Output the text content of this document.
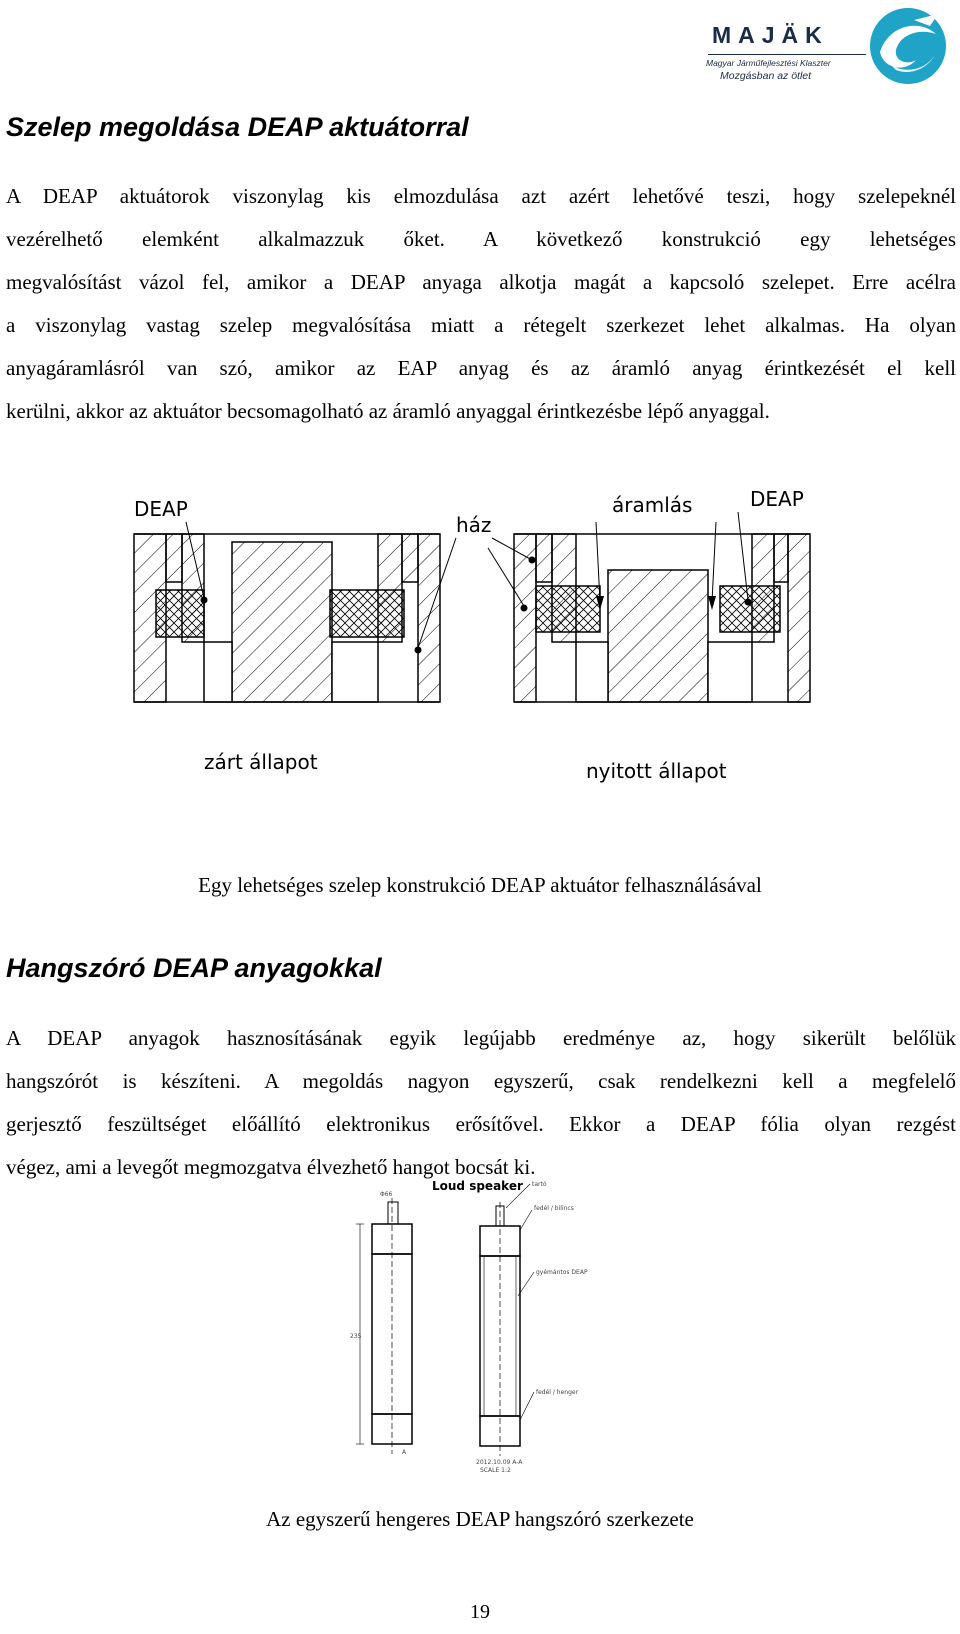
MAJÄK
Magyar Járműfejlesztési Klaszter
Mozgásban az ötlet
Szelep megoldása DEAP aktuátorral
A DEAP aktuátorok viszonylag kis elmozdulása azt azért lehetővé teszi, hogy szelepeknél
vezérelhető elemként alkalmazzuk őket. A következő konstrukció egy lehetséges
megvalósítást vázol fel, amikor a DEAP anyaga alkotja magát a kapcsoló szelepet. Erre acélra
a viszonylag vastag szelep megvalósítása miatt a rétegelt szerkezet lehet alkalmas. Ha olyan
anyagáramlásról van szó, amikor az EAP anyag és az áramló anyag érintkezését el kell
kerülni, akkor az aktuátor becsomagolható az áramló anyaggal érintkezésbe lépő anyaggal.
DEAP
ház
áramlás	DEAP
zárt állapot	nyitott állapot
Egy lehetséges szelep konstrukció DEAP aktuátor felhasználásával
Hangszóró DEAP anyagokkal
A DEAP anyagok hasznosításának egyik legújabb eredménye az, hogy sikerült belőlük
hangszórót is készíteni. A megoldás nagyon egyszerű, csak rendelkezni kell a megfelelő
gerjesztő feszültséget előállító elektronikus erősítővel. Ekkor a DEAP fólia olyan rezgést
végez, ami a levegőt megmozgatva élvezhető hangot bocsát ki.
Loud speaker tartó
fedél / bilincs
gyémántos DEAP
fedél / henger
Φ66
235
A
2012.10.09 A-A
SCALE 1:2
Az egyszerű hengeres DEAP hangszóró szerkezete
19
